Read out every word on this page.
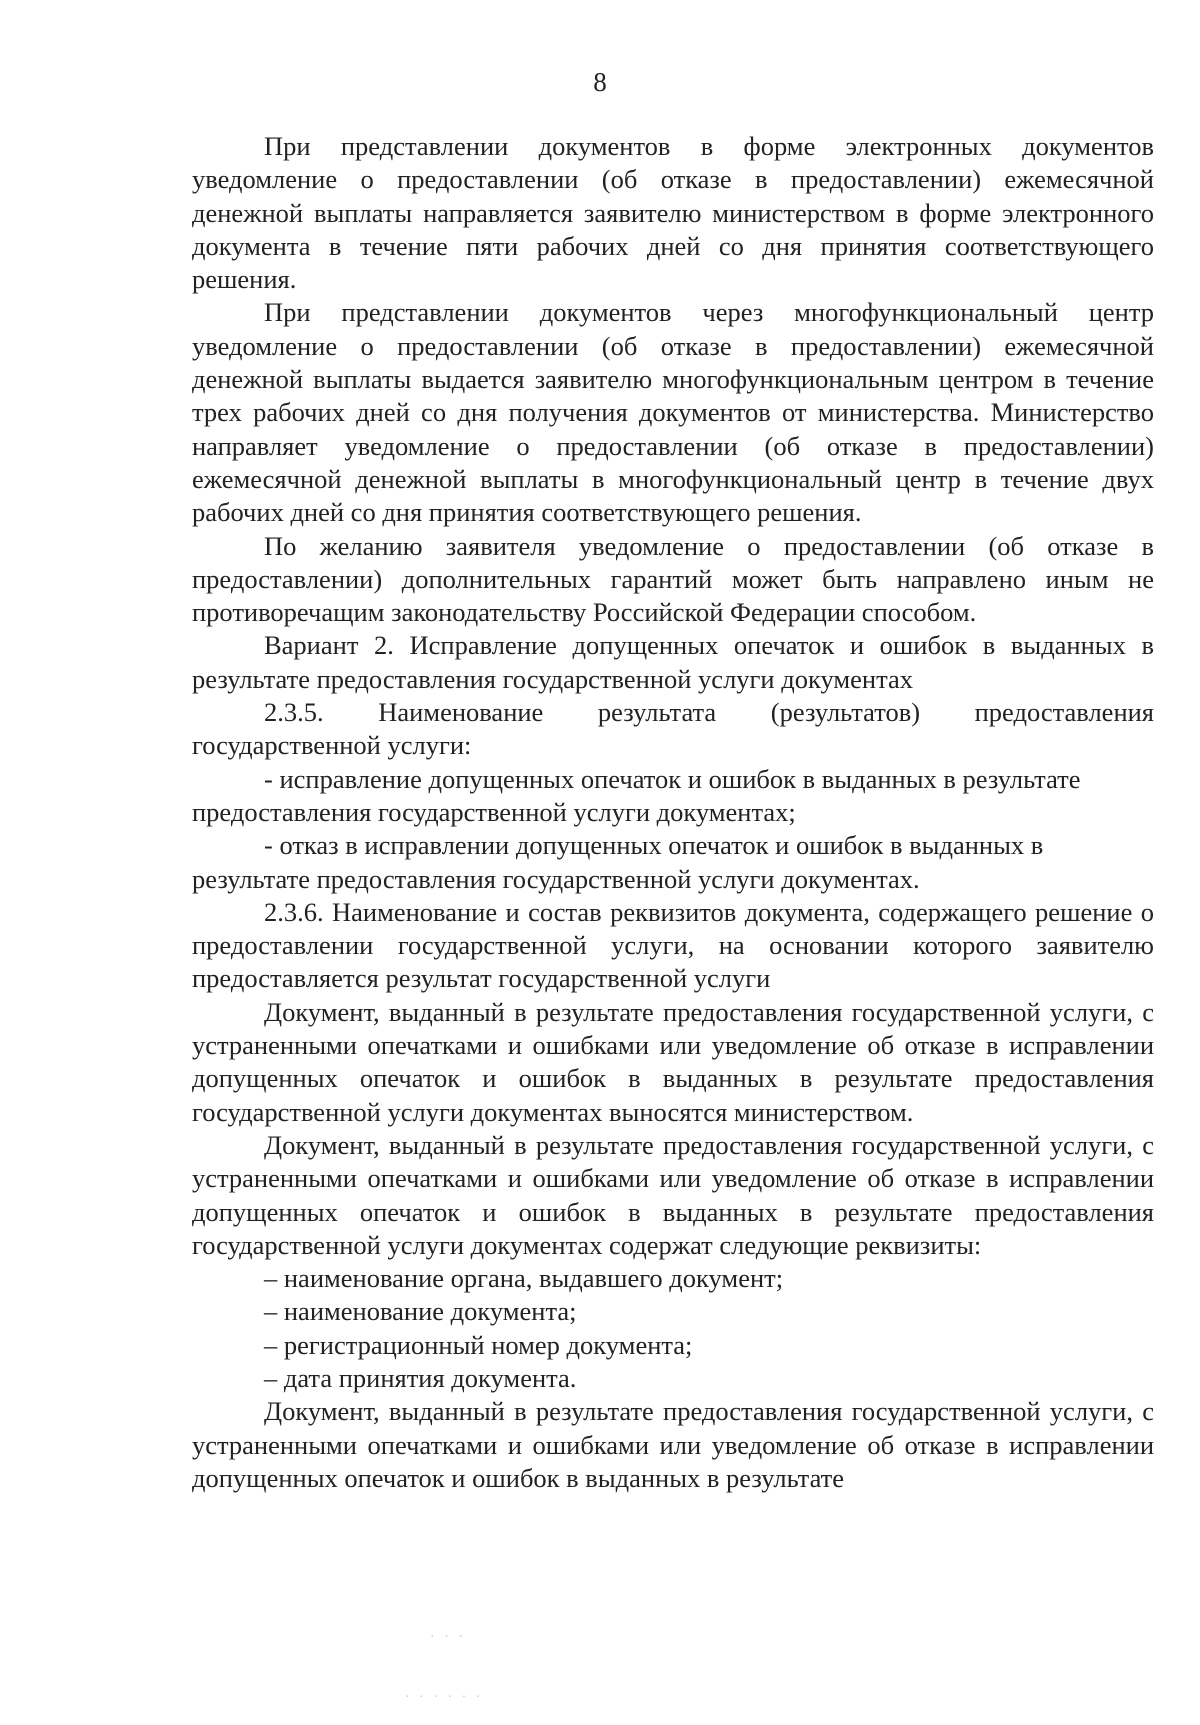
8

При представлении документов в форме электронных документов уведомление о предоставлении (об отказе в предоставлении) ежемесячной денежной выплаты направляется заявителю министерством в форме электронного документа в течение пяти рабочих дней со дня принятия соответствующего решения.

При представлении документов через многофункциональный центр уведомление о предоставлении (об отказе в предоставлении) ежемесячной денежной выплаты выдается заявителю многофункциональным центром в течение трех рабочих дней со дня получения документов от министерства. Министерство направляет уведомление о предоставлении (об отказе в предоставлении) ежемесячной денежной выплаты в многофункциональный центр в течение двух рабочих дней со дня принятия соответствующего решения.

По желанию заявителя уведомление о предоставлении (об отказе в предоставлении) дополнительных гарантий может быть направлено иным не противоречащим законодательству Российской Федерации способом.

Вариант 2. Исправление допущенных опечаток и ошибок в выданных в результате предоставления государственной услуги документах

2.3.5. Наименование результата (результатов) предоставления государственной услуги:

- исправление допущенных опечаток и ошибок в выданных в результате предоставления государственной услуги документах;

- отказ в исправлении допущенных опечаток и ошибок в выданных в результате предоставления государственной услуги документах.

2.3.6. Наименование и состав реквизитов документа, содержащего решение о предоставлении государственной услуги, на основании которого заявителю предоставляется результат государственной услуги

Документ, выданный в результате предоставления государственной услуги, с устраненными опечатками и ошибками или уведомление об отказе в исправлении допущенных опечаток и ошибок в выданных в результате предоставления государственной услуги документах выносятся министерством.

Документ, выданный в результате предоставления государственной услуги, с устраненными опечатками и ошибками или уведомление об отказе в исправлении допущенных опечаток и ошибок в выданных в результате предоставления государственной услуги документах содержат следующие реквизиты:

– наименование органа, выдавшего документ;

– наименование документа;

– регистрационный номер документа;

– дата принятия документа.

Документ, выданный в результате предоставления государственной услуги, с устраненными опечатками и ошибками или уведомление об отказе в исправлении допущенных опечаток и ошибок в выданных в результате

· · ·
· · · · · ·
